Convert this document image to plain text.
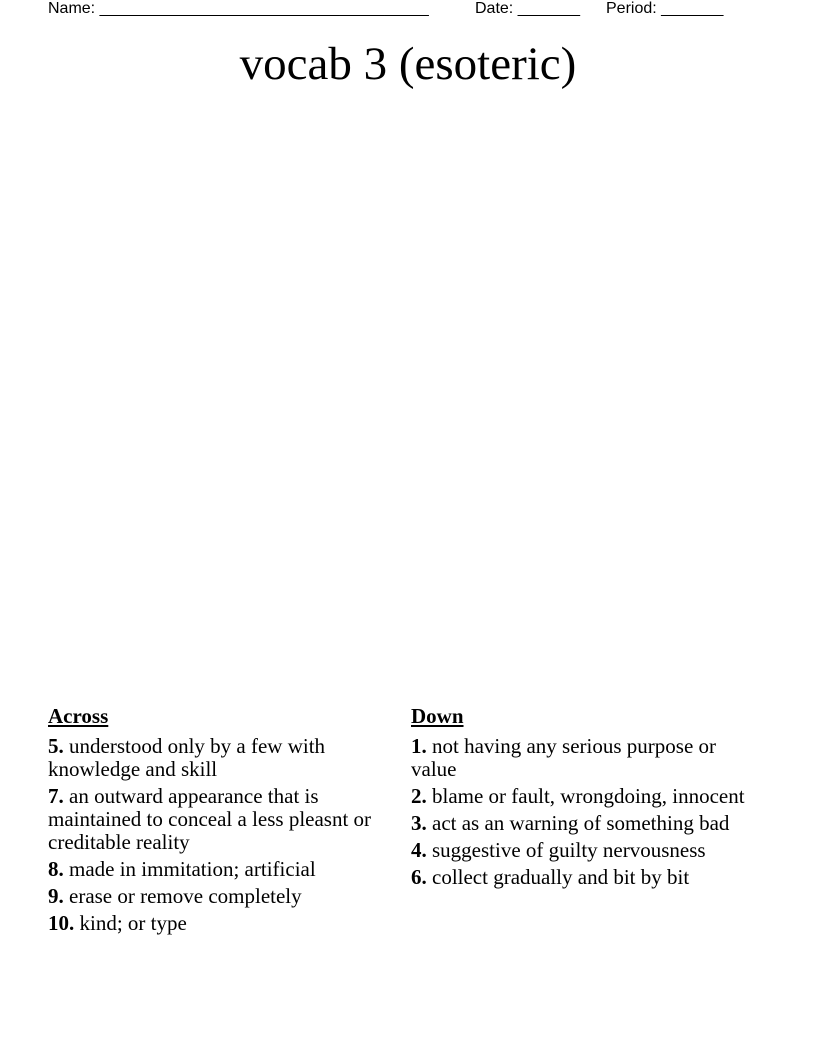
Name: _____________________________________	Date: _______ Period: _______
vocab 3 (esoteric)
Across
5. understood only by a few with knowledge and skill
7. an outward appearance that is maintained to conceal a less pleasnt or creditable reality
8. made in immitation; artificial
9. erase or remove completely
10. kind; or type
Down
1. not having any serious purpose or value
2. blame or fault, wrongdoing, innocent
3. act as an warning of something bad
4. suggestive of guilty nervousness
6. collect gradually and bit by bit
